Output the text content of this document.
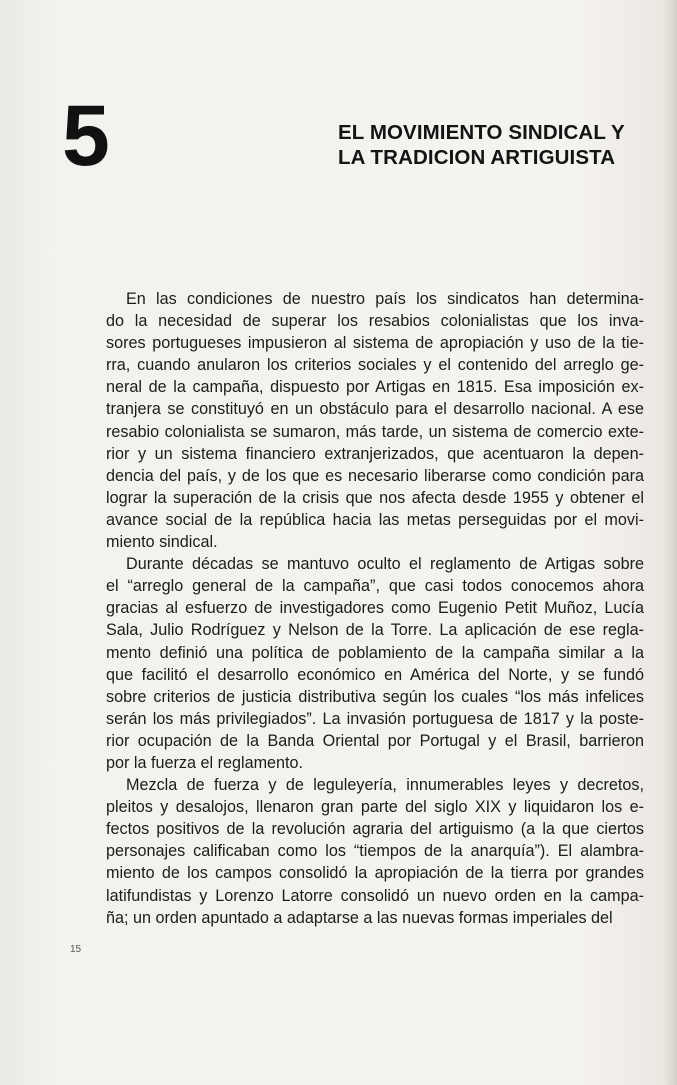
5	EL MOVIMIENTO SINDICAL Y
LA TRADICION ARTIGUISTA
En las condiciones de nuestro país los sindicatos han determina-
do la necesidad de superar los resabios colonialistas que los inva-
sores portugueses impusieron al sistema de apropiación y uso de la tie-
rra, cuando anularon los criterios sociales y el contenido del arreglo ge-
neral de la campaña, dispuesto por Artigas en 1815. Esa imposición ex-
tranjera se constituyó en un obstáculo para el desarrollo nacional. A ese
resabio colonialista se sumaron, más tarde, un sistema de comercio exte-
rior y un sistema financiero extranjerizados, que acentuaron la depen-
dencia del país, y de los que es necesario liberarse como condición para
lograr la superación de la crisis que nos afecta desde 1955 y obtener el
avance social de la república hacia las metas perseguidas por el movi-
miento sindical.
Durante décadas se mantuvo oculto el reglamento de Artigas sobre
el “arreglo general de la campaña”, que casi todos conocemos ahora
gracias al esfuerzo de investigadores como Eugenio Petit Muñoz, Lucía
Sala, Julio Rodríguez y Nelson de la Torre. La aplicación de ese regla-
mento definió una política de poblamiento de la campaña similar a la
que facilitó el desarrollo económico en América del Norte, y se fundó
sobre criterios de justicia distributiva según los cuales “los más infelices
serán los más privilegiados”. La invasión portuguesa de 1817 y la poste-
rior ocupación de la Banda Oriental por Portugal y el Brasil, barrieron
por la fuerza el reglamento.
Mezcla de fuerza y de leguleyería, innumerables leyes y decretos,
pleitos y desalojos, llenaron gran parte del siglo XIX y liquidaron los e-
fectos positivos de la revolución agraria del artiguismo (a la que ciertos
personajes calificaban como los “tiempos de la anarquía”). El alambra-
miento de los campos consolidó la apropiación de la tierra por grandes
latifundistas y Lorenzo Latorre consolidó un nuevo orden en la campa-
ña; un orden apuntado a adaptarse a las nuevas formas imperiales del
15
